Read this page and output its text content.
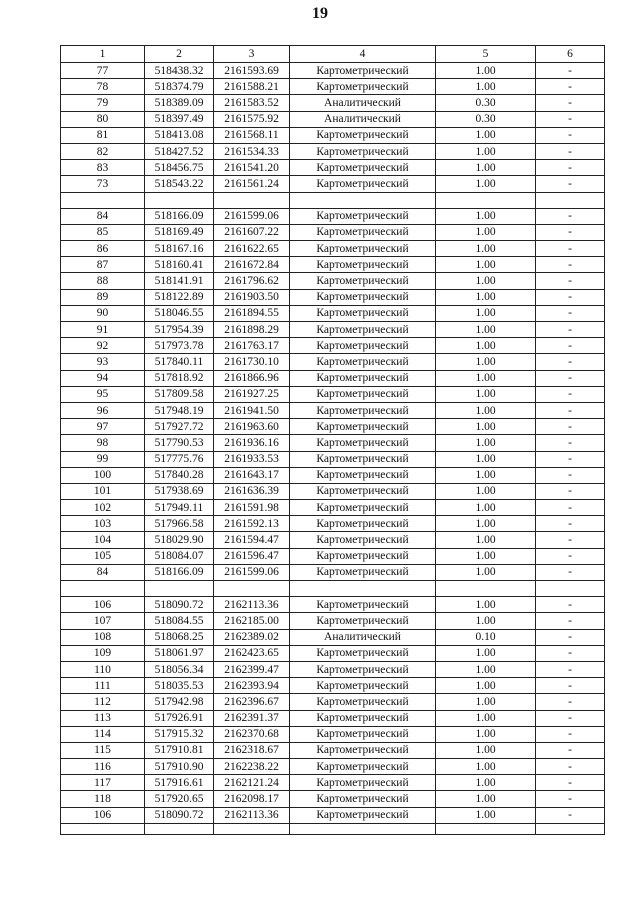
19
1	2	3	4	5	6
77	518438.32	2161593.69	Картометрический	1.00	-
78	518374.79	2161588.21	Картометрический	1.00	-
79	518389.09	2161583.52	Аналитический	0.30	-
80	518397.49	2161575.92	Аналитический	0.30	-
81	518413.08	2161568.11	Картометрический	1.00	-
82	518427.52	2161534.33	Картометрический	1.00	-
83	518456.75	2161541.20	Картометрический	1.00	-
73	518543.22	2161561.24	Картометрический	1.00	-

84	518166.09	2161599.06	Картометрический	1.00	-
85	518169.49	2161607.22	Картометрический	1.00	-
86	518167.16	2161622.65	Картометрический	1.00	-
87	518160.41	2161672.84	Картометрический	1.00	-
88	518141.91	2161796.62	Картометрический	1.00	-
89	518122.89	2161903.50	Картометрический	1.00	-
90	518046.55	2161894.55	Картометрический	1.00	-
91	517954.39	2161898.29	Картометрический	1.00	-
92	517973.78	2161763.17	Картометрический	1.00	-
93	517840.11	2161730.10	Картометрический	1.00	-
94	517818.92	2161866.96	Картометрический	1.00	-
95	517809.58	2161927.25	Картометрический	1.00	-
96	517948.19	2161941.50	Картометрический	1.00	-
97	517927.72	2161963.60	Картометрический	1.00	-
98	517790.53	2161936.16	Картометрический	1.00	-
99	517775.76	2161933.53	Картометрический	1.00	-
100	517840.28	2161643.17	Картометрический	1.00	-
101	517938.69	2161636.39	Картометрический	1.00	-
102	517949.11	2161591.98	Картометрический	1.00	-
103	517966.58	2161592.13	Картометрический	1.00	-
104	518029.90	2161594.47	Картометрический	1.00	-
105	518084.07	2161596.47	Картометрический	1.00	-
84	518166.09	2161599.06	Картометрический	1.00	-

106	518090.72	2162113.36	Картометрический	1.00	-
107	518084.55	2162185.00	Картометрический	1.00	-
108	518068.25	2162389.02	Аналитический	0.10	-
109	518061.97	2162423.65	Картометрический	1.00	-
110	518056.34	2162399.47	Картометрический	1.00	-
111	518035.53	2162393.94	Картометрический	1.00	-
112	517942.98	2162396.67	Картометрический	1.00	-
113	517926.91	2162391.37	Картометрический	1.00	-
114	517915.32	2162370.68	Картометрический	1.00	-
115	517910.81	2162318.67	Картометрический	1.00	-
116	517910.90	2162238.22	Картометрический	1.00	-
117	517916.61	2162121.24	Картометрический	1.00	-
118	517920.65	2162098.17	Картометрический	1.00	-
106	518090.72	2162113.36	Картометрический	1.00	-
